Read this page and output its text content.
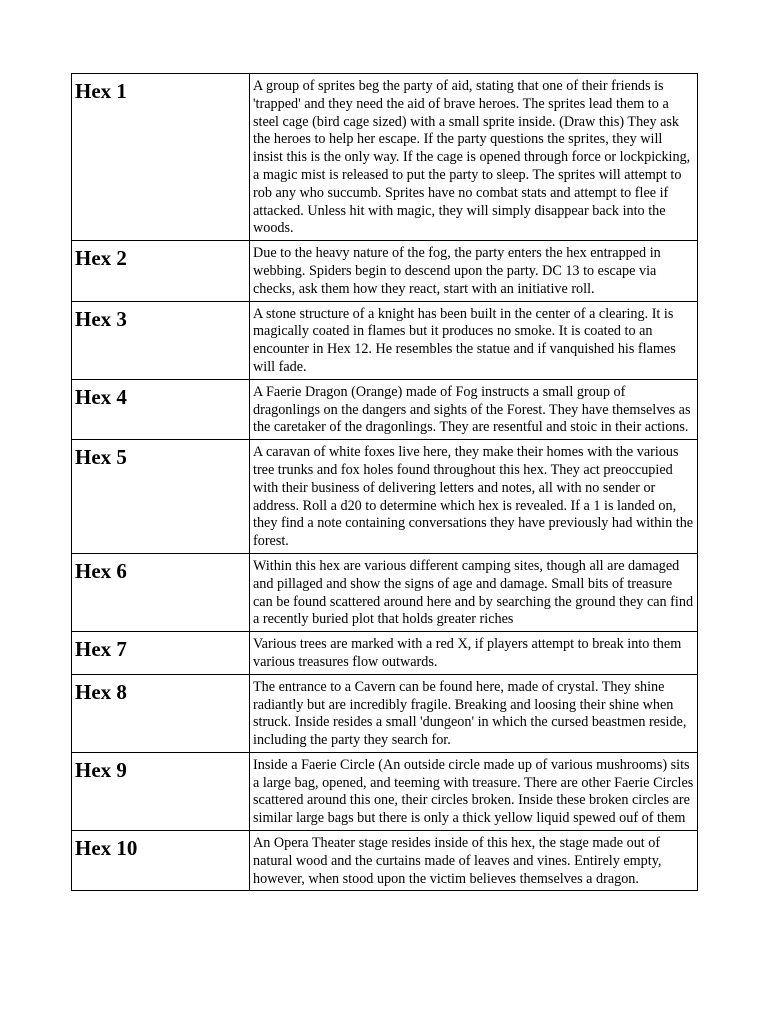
Hex 1	A group of sprites beg the party of aid, stating that one of their friends is 'trapped' and they need the aid of brave heroes. The sprites lead them to a steel cage (bird cage sized) with a small sprite inside. (Draw this) They ask the heroes to help her escape. If the party questions the sprites, they will insist this is the only way. If the cage is opened through force or lockpicking, a magic mist is released to put the party to sleep. The sprites will attempt to rob any who succumb. Sprites have no combat stats and attempt to flee if attacked. Unless hit with magic, they will simply disappear back into the woods.
Hex 2	Due to the heavy nature of the fog, the party enters the hex entrapped in webbing. Spiders begin to descend upon the party. DC 13 to escape via checks, ask them how they react, start with an initiative roll.
Hex 3	A stone structure of a knight has been built in the center of a clearing. It is magically coated in flames but it produces no smoke. It is coated to an encounter in Hex 12. He resembles the statue and if vanquished his flames will fade.
Hex 4	A Faerie Dragon (Orange) made of Fog instructs a small group of dragonlings on the dangers and sights of the Forest. They have themselves as the caretaker of the dragonlings. They are resentful and stoic in their actions.
Hex 5	A caravan of white foxes live here, they make their homes with the various tree trunks and fox holes found throughout this hex. They act preoccupied with their business of delivering letters and notes, all with no sender or address. Roll a d20 to determine which hex is revealed. If a 1 is landed on, they find a note containing conversations they have previously had within the forest.
Hex 6	Within this hex are various different camping sites, though all are damaged and pillaged and show the signs of age and damage. Small bits of treasure can be found scattered around here and by searching the ground they can find a recently buried plot that holds greater riches
Hex 7	Various trees are marked with a red X, if players attempt to break into them various treasures flow outwards.
Hex 8	The entrance to a Cavern can be found here, made of crystal. They shine radiantly but are incredibly fragile. Breaking and loosing their shine when struck. Inside resides a small 'dungeon' in which the cursed beastmen reside, including the party they search for.
Hex 9	Inside a Faerie Circle (An outside circle made up of various mushrooms) sits a large bag, opened, and teeming with treasure. There are other Faerie Circles scattered around this one, their circles broken. Inside these broken circles are similar large bags but there is only a thick yellow liquid spewed ouf of them
Hex 10	An Opera Theater stage resides inside of this hex, the stage made out of natural wood and the curtains made of leaves and vines. Entirely empty, however, when stood upon the victim believes themselves a dragon.
